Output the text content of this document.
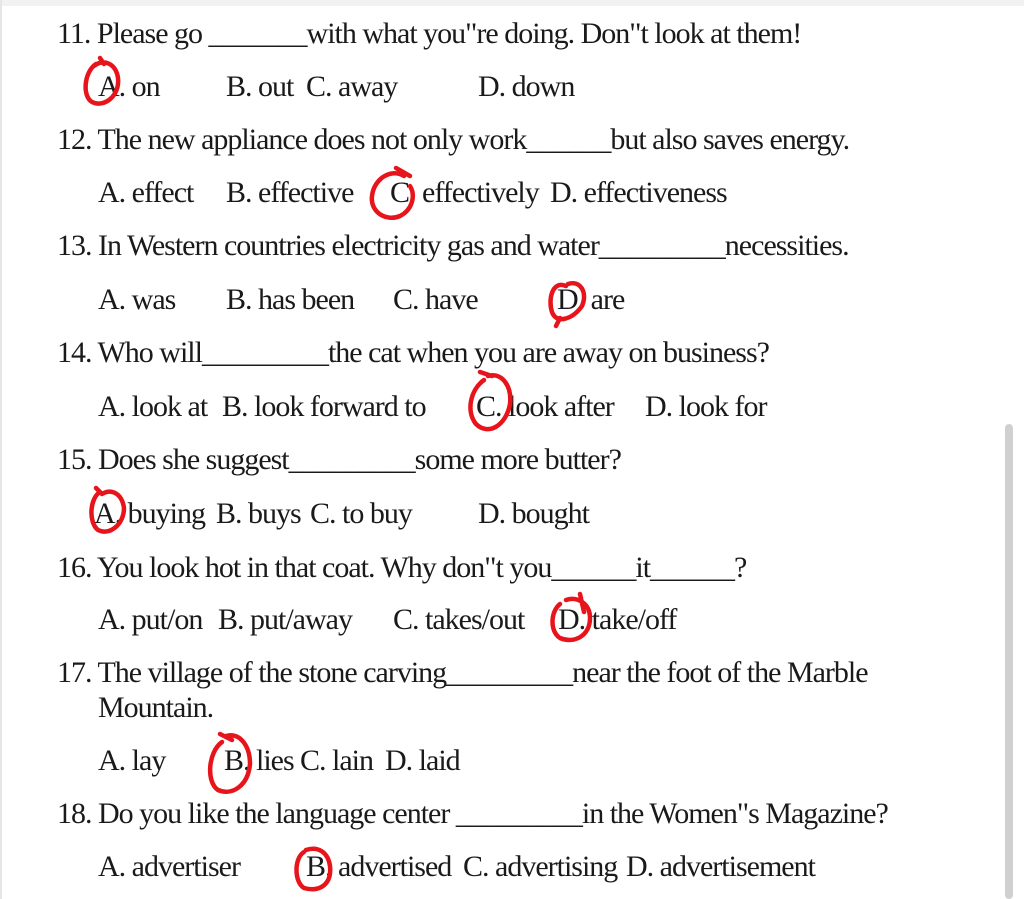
11. Please go _______with what you"re doing. Don"t look at them!
A. on B. out C. away	D. down
12. The new appliance does not only work______but also saves energy.
A. effect B. effective C. effectively D. effectiveness
13. In Western countries electricity gas and water_________necessities.
A. was B. has been C. have	D. are
14. Who will_________the cat when you are away on business?
A. look at B. look forward to C. look after D. look for
15. Does she suggest_________some more butter?
A. buying B. buys C. to buy D. bought
16. You look hot in that coat. Why don"t you______it______?
A. put/on B. put/away C. takes/out D. take/off
17. The village of the stone carving_________near the foot of the Marble
Mountain.
A. lay B. lies C. lain D. laid
18. Do you like the language center _________in the Women"s Magazine?
A. advertiser B. advertised C. advertising D. advertisement
